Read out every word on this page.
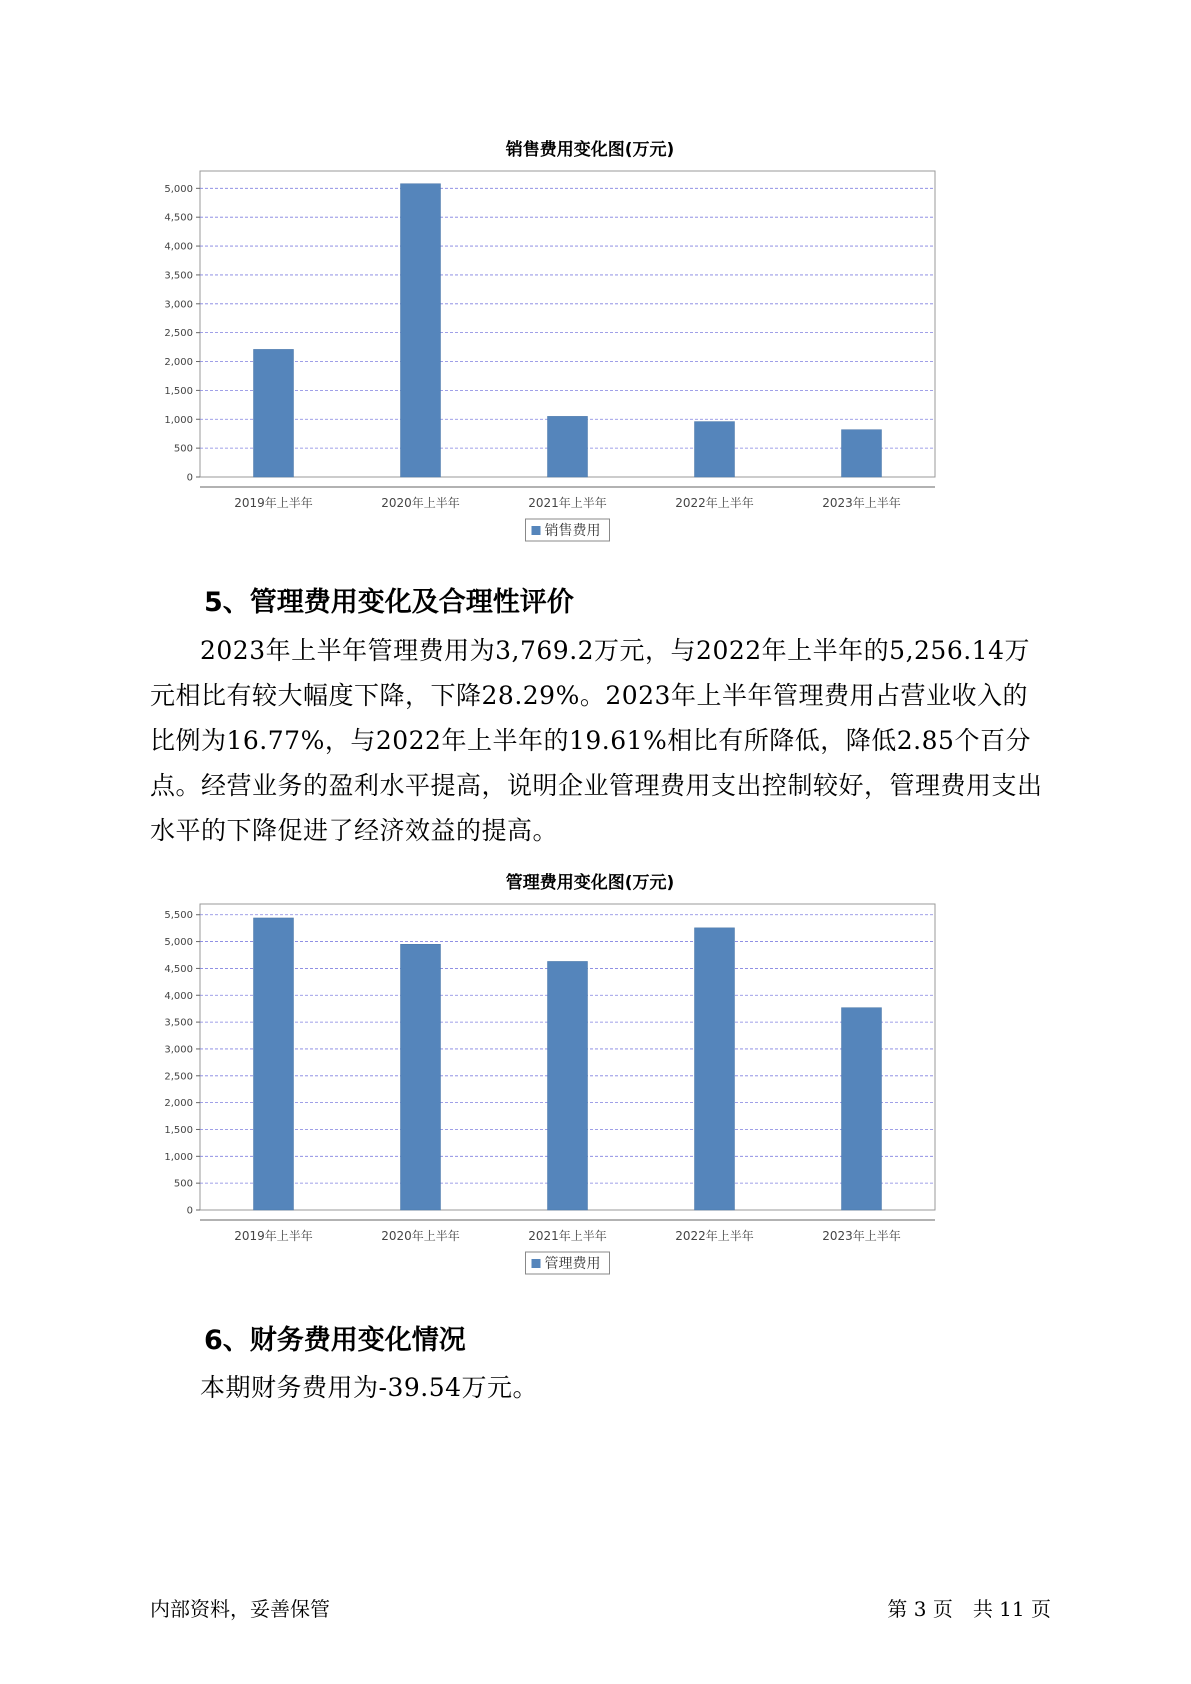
销售费用变化图(万元)
0
500
1,000
1,500
2,000
2,500
3,000
3,500
4,000
4,500
5,000
2019年上半年	2020年上半年	2021年上半年	2022年上半年	2023年上半年
销售费用
5、管理费用变化及合理性评价
2023年上半年管理费用为3,769.2万元，与2022年上半年的5,256.14万元相比有较大幅度下降，下降28.29%。2023年上半年管理费用占营业收入的比例为16.77%，与2022年上半年的19.61%相比有所降低，降低2.85个百分点。经营业务的盈利水平提高，说明企业管理费用支出控制较好，管理费用支出水平的下降促进了经济效益的提高。
管理费用变化图(万元)
0
500
1,000
1,500
2,000
2,500
3,000
3,500
4,000
4,500
5,000
5,500
2019年上半年	2020年上半年	2021年上半年	2022年上半年	2023年上半年
管理费用
6、财务费用变化情况
本期财务费用为-39.54万元。
内部资料，妥善保管	第 3 页　共 11 页
